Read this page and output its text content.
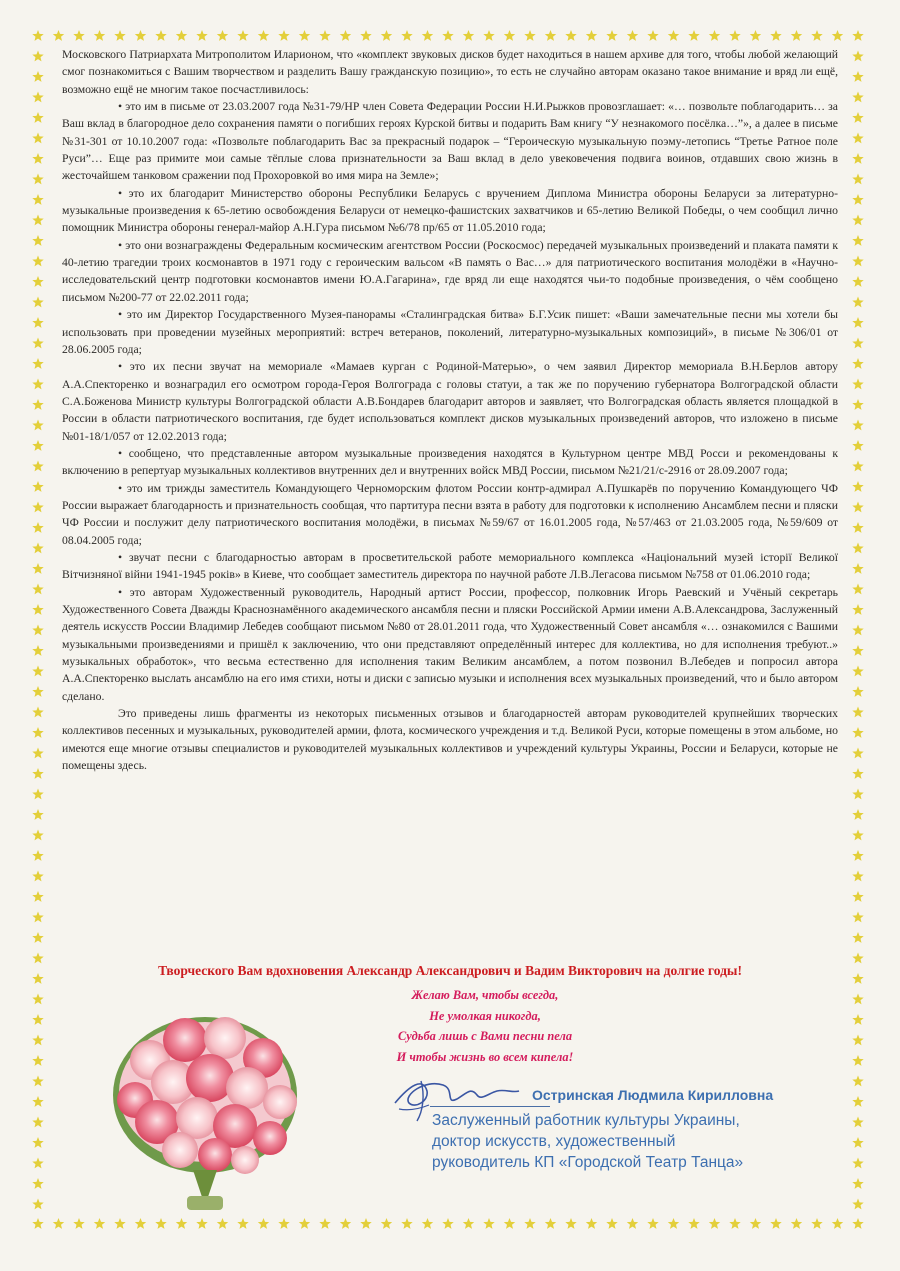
Московского Патриархата Митрополитом Иларионом, что «комплект звуковых дисков будет находиться в нашем архиве для того, чтобы любой желающий смог познакомиться с Вашим творчеством и разделить Вашу гражданскую позицию», то есть не случайно авторам оказано такое внимание и вряд ли ещё, возможно ещё не многим такое посчастливилось:

• это им в письме от 23.03.2007 года №31-79/НР член Совета Федерации России Н.И.Рыжков провозглашает: «… позвольте поблагодарить… за Ваш вклад в благородное дело сохранения памяти о погибших героях Курской битвы и подарить Вам книгу “У незнакомого посёлка…”», а далее в письме №31-301 от 10.10.2007 года: «Позвольте поблагодарить Вас за прекрасный подарок – “Героическую музыкальную поэму-летопись “Третье Ратное поле Руси”… Еще раз примите мои самые тёплые слова признательности за Ваш вклад в дело увековечения подвига воинов, отдавших свою жизнь в жесточайшем танковом сражении под Прохоровкой во имя мира на Земле»;

• это их благодарит Министерство обороны Республики Беларусь с вручением Диплома Министра обороны Беларуси за литературно-музыкальные произведения к 65-летию освобождения Беларуси от немецко-фашистских захватчиков и 65-летию Великой Победы, о чем сообщил лично помощник Министра обороны генерал-майор А.Н.Гура письмом №6/78 пр/65 от 11.05.2010 года;

• это они вознаграждены Федеральным космическим агентством России (Роскосмос) передачей музыкальных произведений и плаката памяти к 40-летию трагедии троих космонавтов в 1971 году с героическим вальсом «В память о Вас…» для патриотического воспитания молодёжи в «Научно-исследовательский центр подготовки космонавтов имени Ю.А.Гагарина», где вряд ли еще находятся чьи-то подобные произведения, о чём сообщено письмом №200-77 от 22.02.2011 года;

• это им Директор Государственного Музея-панорамы «Сталинградская битва» Б.Г.Усик пишет: «Ваши замечательные песни мы хотели бы использовать при проведении музейных мероприятий: встреч ветеранов, поколений, литературно-музыкальных композиций», в письме №306/01 от 28.06.2005 года;

• это их песни звучат на мемориале «Мамаев курган с Родиной-Матерью», о чем заявил Директор мемориала В.Н.Берлов автору А.А.Спекторенко и вознаградил его осмотром города-Героя Волгограда с головы статуи, а так же по поручению губернатора Волгоградской области С.А.Боженова Министр культуры Волгоградской области А.В.Бондарев благодарит авторов и заявляет, что Волгоградская область является площадкой в России в области патриотического воспитания, где будет использоваться комплект дисков музыкальных произведений авторов, что изложено в письме №01-18/1/057 от 12.02.2013 года;

• сообщено, что представленные автором музыкальные произведения находятся в Культурном центре МВД Росси и рекомендованы к включению в репертуар музыкальных коллективов внутренних дел и внутренних войск МВД России, письмом №21/21/с-2916 от 28.09.2007 года;

• это им трижды заместитель Командующего Черноморским флотом России контр-адмирал А.Пушкарёв по поручению Командующего ЧФ России выражает благодарность и признательность сообщая, что партитура песни взята в работу для подготовки к исполнению Ансамблем песни и пляски ЧФ России и послужит делу патриотического воспитания молодёжи, в письмах №59/67 от 16.01.2005 года, №57/463 от 21.03.2005 года, №59/609 от 08.04.2005 года;

• звучат песни с благодарностью авторам в просветительской работе мемориального комплекса «Національний музей історії Великої Вітчизняної війни 1941-1945 років» в Киеве, что сообщает заместитель директора по научной работе Л.В.Легасова письмом №758 от 01.06.2010 года;

• это авторам Художественный руководитель, Народный артист России, профессор, полковник Игорь Раевский и Учёный секретарь Художественного Совета Дважды Краснознамённого академического ансамбля песни и пляски Российской Армии имени А.В.Александрова, Заслуженный деятель искусств России Владимир Лебедев сообщают письмом №80 от 28.01.2011 года, что Художественный Совет ансамбля «… ознакомился с Вашими музыкальными произведениями и пришёл к заключению, что они представляют определённый интерес для коллектива, но для исполнения требуют..» музыкальных обработок», что весьма естественно для исполнения таким Великим ансамблем, а потом позвонил В.Лебедев и попросил автора А.А.Спекторенко выслать ансамблю на его имя стихи, ноты и диски с записью музыки и исполнения всех музыкальных произведений, что и было автором сделано.

Это приведены лишь фрагменты из некоторых письменных отзывов и благодарностей авторам руководителей крупнейших творческих коллективов песенных и музыкальных, руководителей армии, флота, космического учреждения и т.д. Великой Руси, которые помещены в этом альбоме, но имеются еще многие отзывы специалистов и руководителей музыкальных коллективов и учреждений культуры Украины, России и Беларуси, которые не помещены здесь.

Творческого Вам вдохновения Александр Александрович и Вадим Викторович на долгие годы!

Желаю Вам, чтобы всегда,
Не умолкая никогда,
Судьба лишь с Вами песни пела
И чтобы жизнь во всем кипела!
Остринская Людмила Кирилловна
Заслуженный работник культуры Украины,
доктор искусств, художественный
руководитель КП «Городской Театр Танца»
